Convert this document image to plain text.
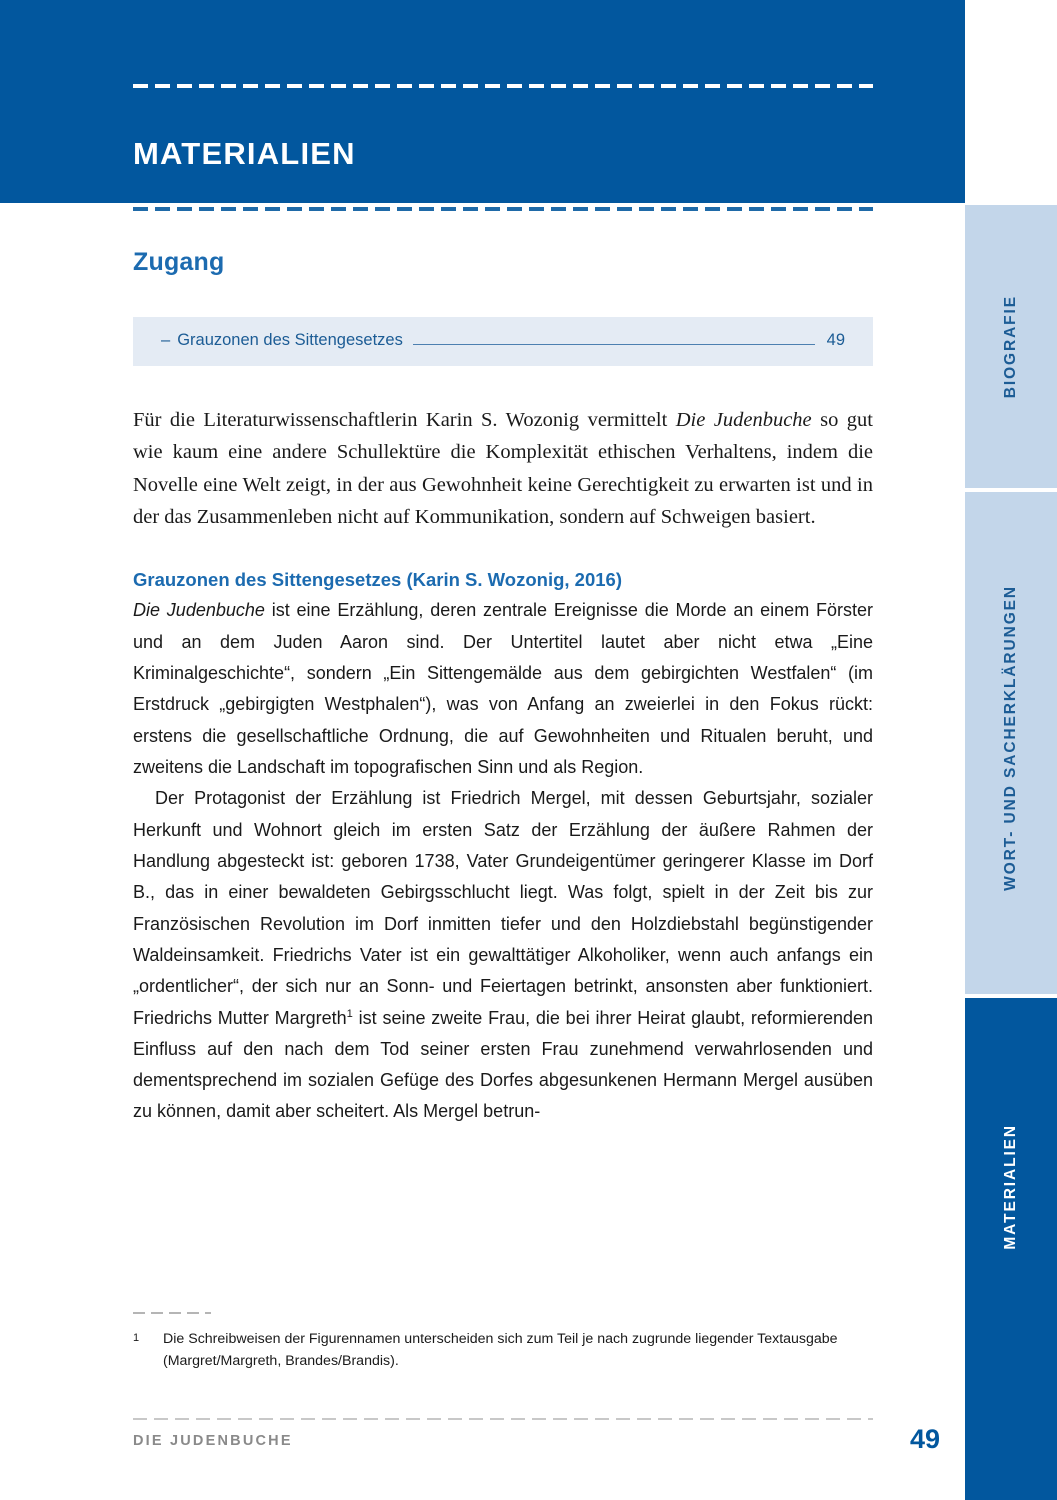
MATERIALIEN
Zugang
– Grauzonen des Sittengesetzes	49

Für die Literaturwissenschaftlerin Karin S. Wozonig vermittelt Die Judenbuche so gut wie kaum eine andere Schullektüre die Komplexität ethischen Verhaltens, indem die Novelle eine Welt zeigt, in der aus Gewohnheit keine Gerechtigkeit zu erwarten ist und in der das Zusammenleben nicht auf Kommunikation, sondern auf Schweigen basiert.

Grauzonen des Sittengesetzes (Karin S. Wozonig, 2016)

Die Judenbuche ist eine Erzählung, deren zentrale Ereignisse die Morde an einem Förster und an dem Juden Aaron sind. Der Untertitel lautet aber nicht etwa „Eine Kriminalgeschichte“, sondern „Ein Sittengemälde aus dem gebirgichten Westfalen“ (im Erstdruck „gebirgigten Westphalen“), was von Anfang an zweierlei in den Fokus rückt: erstens die gesellschaftliche Ordnung, die auf Gewohnheiten und Ritualen beruht, und zweitens die Landschaft im topografischen Sinn und als Region.

Der Protagonist der Erzählung ist Friedrich Mergel, mit dessen Geburtsjahr, sozialer Herkunft und Wohnort gleich im ersten Satz der Erzählung der äußere Rahmen der Handlung abgesteckt ist: geboren 1738, Vater Grundeigentümer geringerer Klasse im Dorf B., das in einer bewaldeten Gebirgsschlucht liegt. Was folgt, spielt in der Zeit bis zur Französischen Revolution im Dorf inmitten tiefer und den Holzdiebstahl begünstigender Waldeinsamkeit. Friedrichs Vater ist ein gewalttätiger Alkoholiker, wenn auch anfangs ein „ordentlicher“, der sich nur an Sonn- und Feiertagen betrinkt, ansonsten aber funktioniert. Friedrichs Mutter Margreth$^1$ ist seine zweite Frau, die bei ihrer Heirat glaubt, reformierenden Einfluss auf den nach dem Tod seiner ersten Frau zunehmend verwahrlosenden und dementsprechend im sozialen Gefüge des Dorfes abgesunkenen Hermann Mergel ausüben zu können, damit aber scheitert. Als Mergel betrun-

1	Die Schreibweisen der Figurennamen unterscheiden sich zum Teil je nach zugrunde liegender Textausgabe (Margret/Margreth, Brandes/Brandis).
DIE JUDENBUCHE	49
BIOGRAFIE
WORT- UND SACHERKLÄRUNGEN
MATERIALIEN
